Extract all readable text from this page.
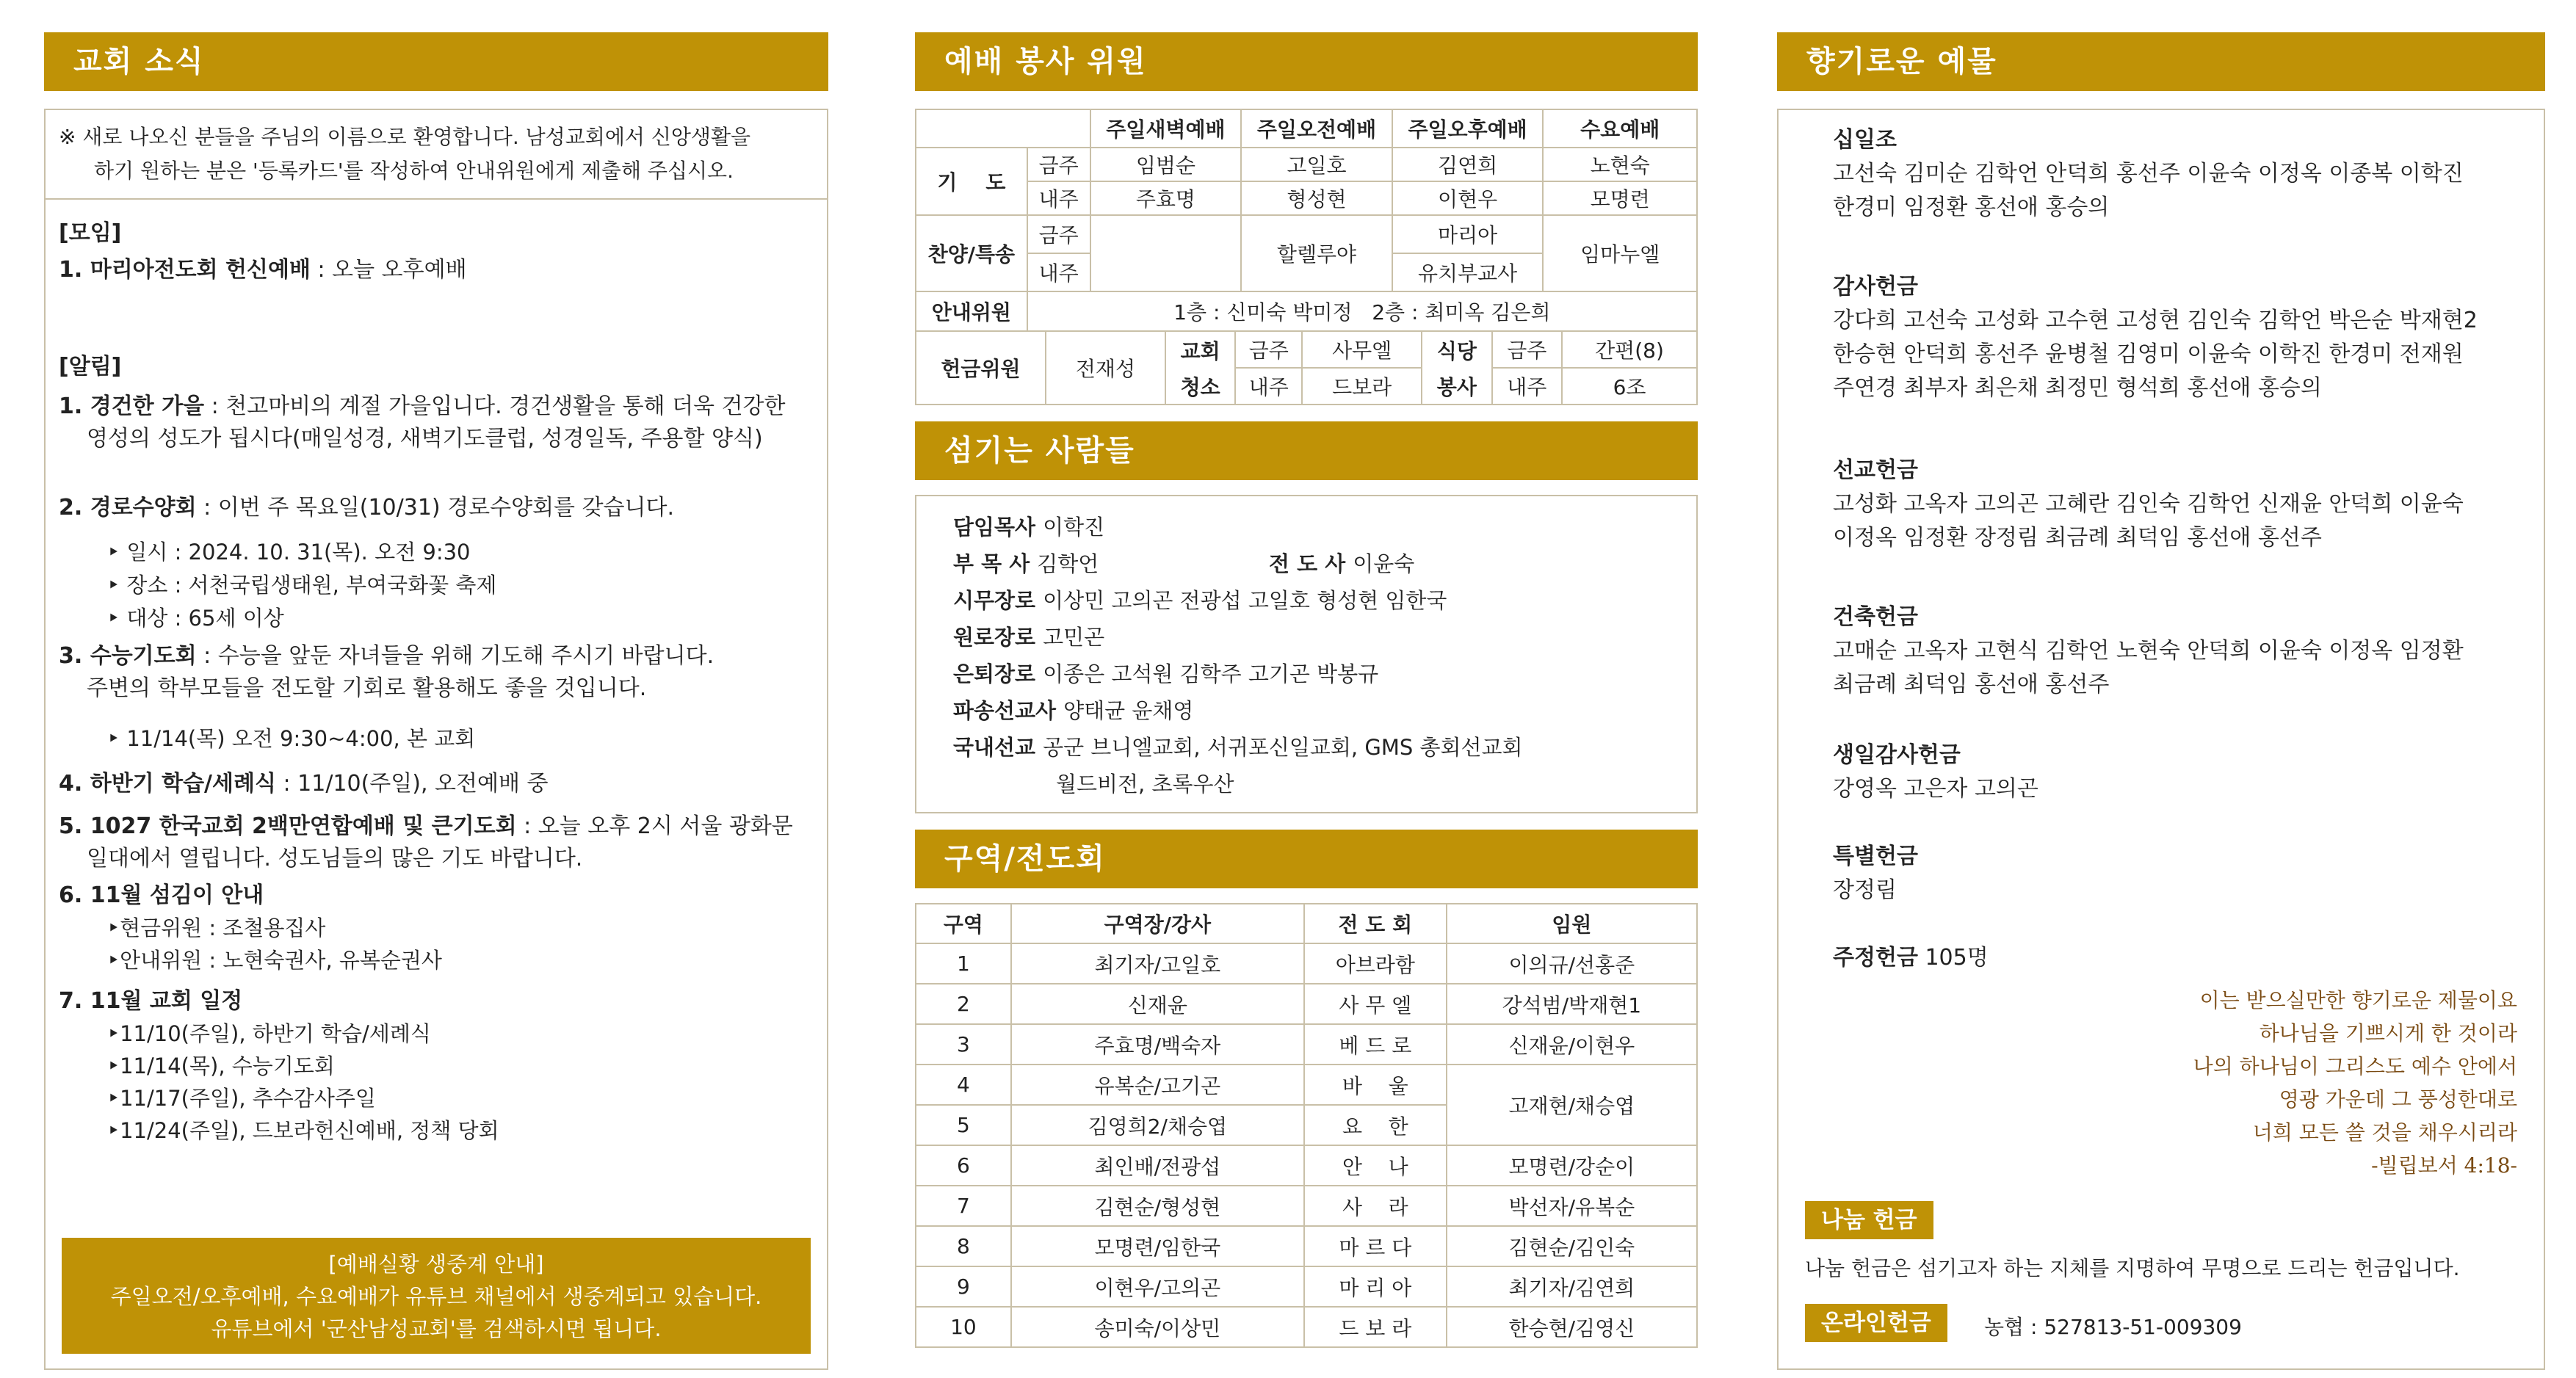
교회 소식
※ 새로 나오신 분들을 주님의 이름으로 환영합니다. 남성교회에서 신앙생활을
하기 원하는 분은 '등록카드'를 작성하여 안내위원에게 제출해 주십시오.
[모임]
1. 마리아전도회 헌신예배 : 오늘 오후예배
[알림]
1. 경건한 가을 : 천고마비의 계절 가을입니다. 경건생활을 통해 더욱 건강한
영성의 성도가 됩시다(매일성경, 새벽기도클럽, 성경일독, 주용할 양식)
2. 경로수양회 : 이번 주 목요일(10/31) 경로수양회를 갖습니다.
‣ 일시 : 2024. 10. 31(목). 오전 9:30
‣ 장소 : 서천국립생태원, 부여국화꽃 축제
‣ 대상 : 65세 이상
3. 수능기도회 : 수능을 앞둔 자녀들을 위해 기도해 주시기 바랍니다.
주변의 학부모들을 전도할 기회로 활용해도 좋을 것입니다.
‣ 11/14(목) 오전 9:30~4:00, 본 교회
4. 하반기 학습/세례식 : 11/10(주일), 오전예배 중
5. 1027 한국교회 2백만연합예배 및 큰기도회 : 오늘 오후 2시 서울 광화문
일대에서 열립니다. 성도님들의 많은 기도 바랍니다.
6. 11월 섬김이 안내
‣현금위원 : 조철용집사
‣안내위원 : 노현숙권사, 유복순권사
7. 11월 교회 일정
‣11/10(주일), 하반기 학습/세례식
‣11/14(목), 수능기도회
‣11/17(주일), 추수감사주일
‣11/24(주일), 드보라헌신예배, 정책 당회
[예배실황 생중계 안내]
주일오전/오후예배, 수요예배가 유튜브 채널에서 생중계되고 있습니다.
유튜브에서 '군산남성교회'를 검색하시면 됩니다.
예배 봉사 위원
		주일새벽예배	주일오전예배	주일오후예배	수요예배
기    도	금주	임범순	고일호	김연희	노현숙
	내주	주효명	형성현	이현우	모명련
찬양/특송	금주		할렐루야	마리아	임마누엘
	내주			유치부교사	
안내위원	1층 : 신미숙 박미정   2층 : 최미옥 김은희				
헌금위원	전재성	교회	금주	사무엘	식당	금주	간편(8)
		청소	내주	드보라	봉사	내주	6조
섬기는 사람들
담임목사 이학진
부 목 사 김학언	전 도 사 이윤숙
시무장로 이상민 고의곤 전광섭 고일호 형성현 임한국
원로장로 고민곤
은퇴장로 이종은 고석원 김학주 고기곤 박봉규
파송선교사 양태균 윤채영
국내선교 공군 브니엘교회, 서귀포신일교회, GMS 총회선교회
월드비전, 초록우산
구역/전도회
구역	구역장/강사	전 도 회	임원
1	최기자/고일호	아브라함	이의규/선홍준
2	신재윤	사 무 엘	강석범/박재현1
3	주효명/백숙자	베 드 로	신재윤/이현우
4	유복순/고기곤	바    울	고재현/채승엽
5	김영희2/채승엽	요    한	
6	최인배/전광섭	안    나	모명련/강순이
7	김현순/형성현	사    라	박선자/유복순
8	모명련/임한국	마 르 다	김현순/김인숙
9	이현우/고의곤	마 리 아	최기자/김연희
10	송미숙/이상민	드 보 라	한승현/김영신
향기로운 예물
십일조
고선숙 김미순 김학언 안덕희 홍선주 이윤숙 이정옥 이종복 이학진
한경미 임정환 홍선애 홍승의
감사헌금
강다희 고선숙 고성화 고수현 고성현 김인숙 김학언 박은순 박재현2
한승현 안덕희 홍선주 윤병철 김영미 이윤숙 이학진 한경미 전재원
주연경 최부자 최은채 최정민 형석희 홍선애 홍승의
선교헌금
고성화 고옥자 고의곤 고혜란 김인숙 김학언 신재윤 안덕희 이윤숙
이정옥 임정환 장정림 최금례 최덕임 홍선애 홍선주
건축헌금
고매순 고옥자 고현식 김학언 노현숙 안덕희 이윤숙 이정옥 임정환
최금례 최덕임 홍선애 홍선주
생일감사헌금
강영옥 고은자 고의곤
특별헌금
장정림
주정헌금 105명
이는 받으실만한 향기로운 제물이요
하나님을 기쁘시게 한 것이라
나의 하나님이 그리스도 예수 안에서
영광 가운데 그 풍성한대로
너희 모든 쓸 것을 채우시리라
-빌립보서 4:18-
나눔 헌금
나눔 헌금은 섬기고자 하는 지체를 지명하여 무명으로 드리는 헌금입니다.
온라인헌금	농협 : 527813-51-009309
